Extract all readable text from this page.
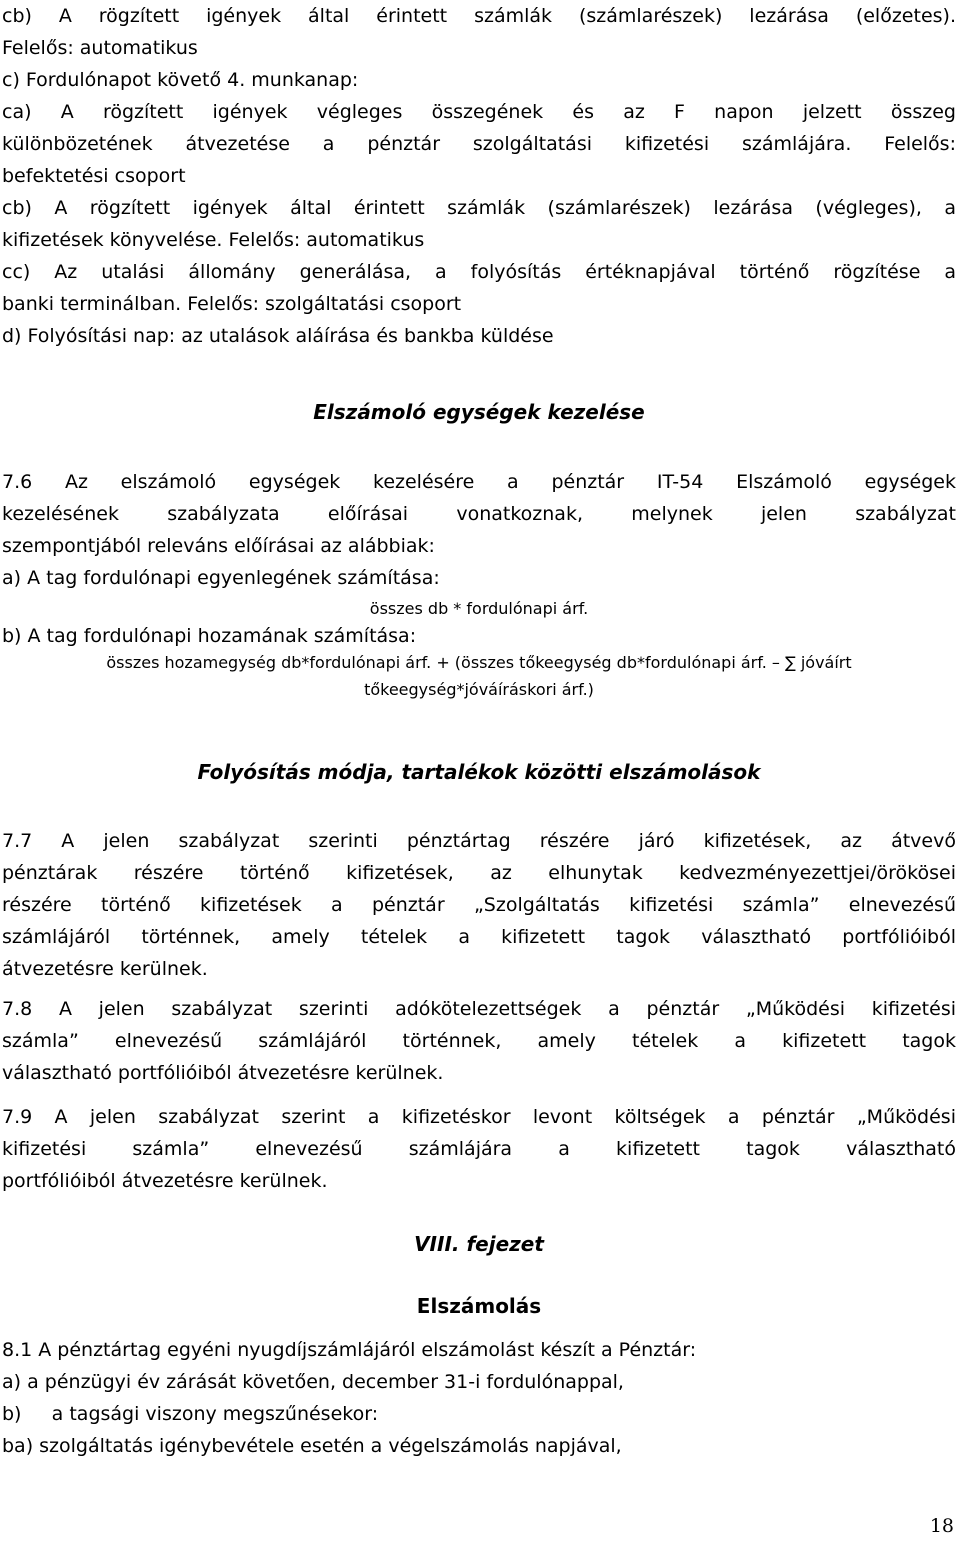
cb) A rögzített igények által érintett számlák (számlarészek) lezárása (előzetes).

Felelős: automatikus

c) Fordulónapot követő 4. munkanap:

ca) A rögzített igények végleges összegének és az F napon jelzett összeg

különbözetének átvezetése a pénztár szolgáltatási kifizetési számlájára. Felelős:

befektetési csoport

cb) A rögzített igények által érintett számlák (számlarészek) lezárása (végleges), a

kifizetések könyvelése. Felelős: automatikus

cc) Az utalási állomány generálása, a folyósítás értéknapjával történő rögzítése a

banki terminálban. Felelős: szolgáltatási csoport

d) Folyósítási nap: az utalások aláírása és bankba küldése

Elszámoló egységek kezelése

7.6 Az elszámoló egységek kezelésére a pénztár IT-54 Elszámoló egységek

kezelésének szabályzata előírásai vonatkoznak, melynek jelen szabályzat

szempontjából releváns előírásai az alábbiak:

a) A tag fordulónapi egyenlegének számítása:

összes db * fordulónapi árf.

b) A tag fordulónapi hozamának számítása:

összes hozamegység db*fordulónapi árf. + (összes tőkeegység db*fordulónapi árf. – ∑ jóváírt
tőkeegység*jóváíráskori árf.)
Folyósítás módja, tartalékok közötti elszámolások

7.7 A jelen szabályzat szerinti pénztártag részére járó kifizetések, az átvevő

pénztárak részére történő kifizetések, az elhunytak kedvezményezettjei/örökösei

részére történő kifizetések a pénztár „Szolgáltatás kifizetési számla” elnevezésű

számlájáról történnek, amely tételek a kifizetett tagok választható portfólióiból

átvezetésre kerülnek.

7.8 A jelen szabályzat szerinti adókötelezettségek a pénztár „Működési kifizetési

számla” elnevezésű számlájáról történnek, amely tételek a kifizetett tagok

választható portfólióiból átvezetésre kerülnek.

7.9 A jelen szabályzat szerint a kifizetéskor levont költségek a pénztár „Működési

kifizetési számla” elnevezésű számlájára a kifizetett tagok választható

portfólióiból átvezetésre kerülnek.

VIII. fejezet
Elszámolás

8.1 A pénztártag egyéni nyugdíjszámlájáról elszámolást készít a Pénztár:

a) a pénzügyi év zárását követően, december 31-i fordulónappal,

b)     a tagsági viszony megszűnésekor:

ba) szolgáltatás igénybevétele esetén a végelszámolás napjával,

18
